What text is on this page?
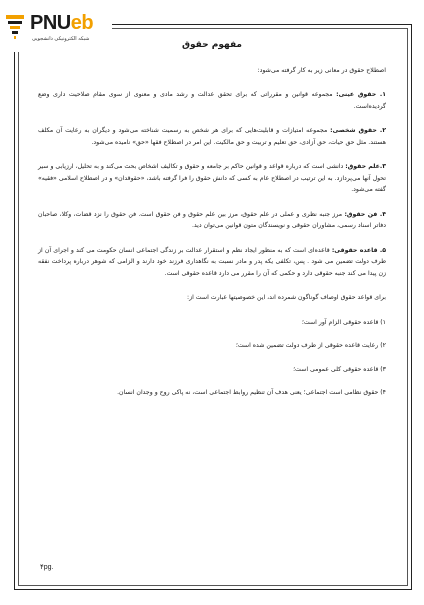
PNUeb
شبکه الکترونیکی دانشجویی
مفهوم حقوق

اصطلاح حقوق در معانی زیر به کار گرفته می‌شود:

۱. حقوق عینی: مجموعه قوانین و مقرراتی که برای تحقق عدالت و رشد مادی و معنوی از سوی مقام صلاحیت داری وضع گردیده‌است.

۲. حقوق شخصی: مجموعه امتیازات و قابلیت‌هایی که برای هر شخص به رسمیت شناخته می‌شود و دیگران به رعایت آن مکلف هستند. مثل حق حیات، حق آزادی، حق تعلیم و تربیت و حق مالکیت. این امر در اصطلاح فقها «حق» نامیده می‌شود.

۳.علم حقوق: دانشی است که درباره قواعد و قوانین حاکم بر جامعه و حقوق و تکالیف اشخاص بحث می‌کند و به تحلیل، ارزیابی و سیر تحول آنها می‌پردازد. به این ترتیب در اصطلاح عام به کسی که دانش حقوق را فرا گرفته باشد، «حقوقدان» و در اصطلاح اسلامی «فقیه» گفته می‌شود.

۴. فن حقوق: مرز جنبه نظری و عملی در علم حقوق، مرز بین علم حقوق و فن حقوق است. فن حقوق را نزد قضات، وکلا، صاحبان دفاتر اسناد رسمی، مشاوران حقوقی و نویسندگان متون قوانین می‌توان دید.

۵. قاعده حقوقی: قاعده‌ای است که به منظور ایجاد نظم و استقرار عدالت بر زندگی اجتماعی انسان حکومت می کند و اجرای آن از طرف دولت تضمین می شود . پس، تکلفی یکه پدر و مادر نسبت به نگاهداری فرزند خود دارند و الزامی که شوهر درباره پرداخت نفقه زن پیدا می کند جنبه حقوقی دارد و حکمی که آن را مقرر می دارد قاعده حقوقی است.

برای قواعد حقوق اوصاف گوناگون شمرده اند، این خصوصیتها عبارت است از:

۱) قاعده حقوقی الزام آور است؛

۲) رعایت قاعده حقوقی از طرف دولت تضمین شده است؛

۳) قاعده حقوقی کلی عمومی است؛

۴) حقوق نظامی است اجتماعی؛ یعنی هدف آن تنظیم روابط اجتماعی است، نه پاکی روح و وجدان انسان.

۴pg.
